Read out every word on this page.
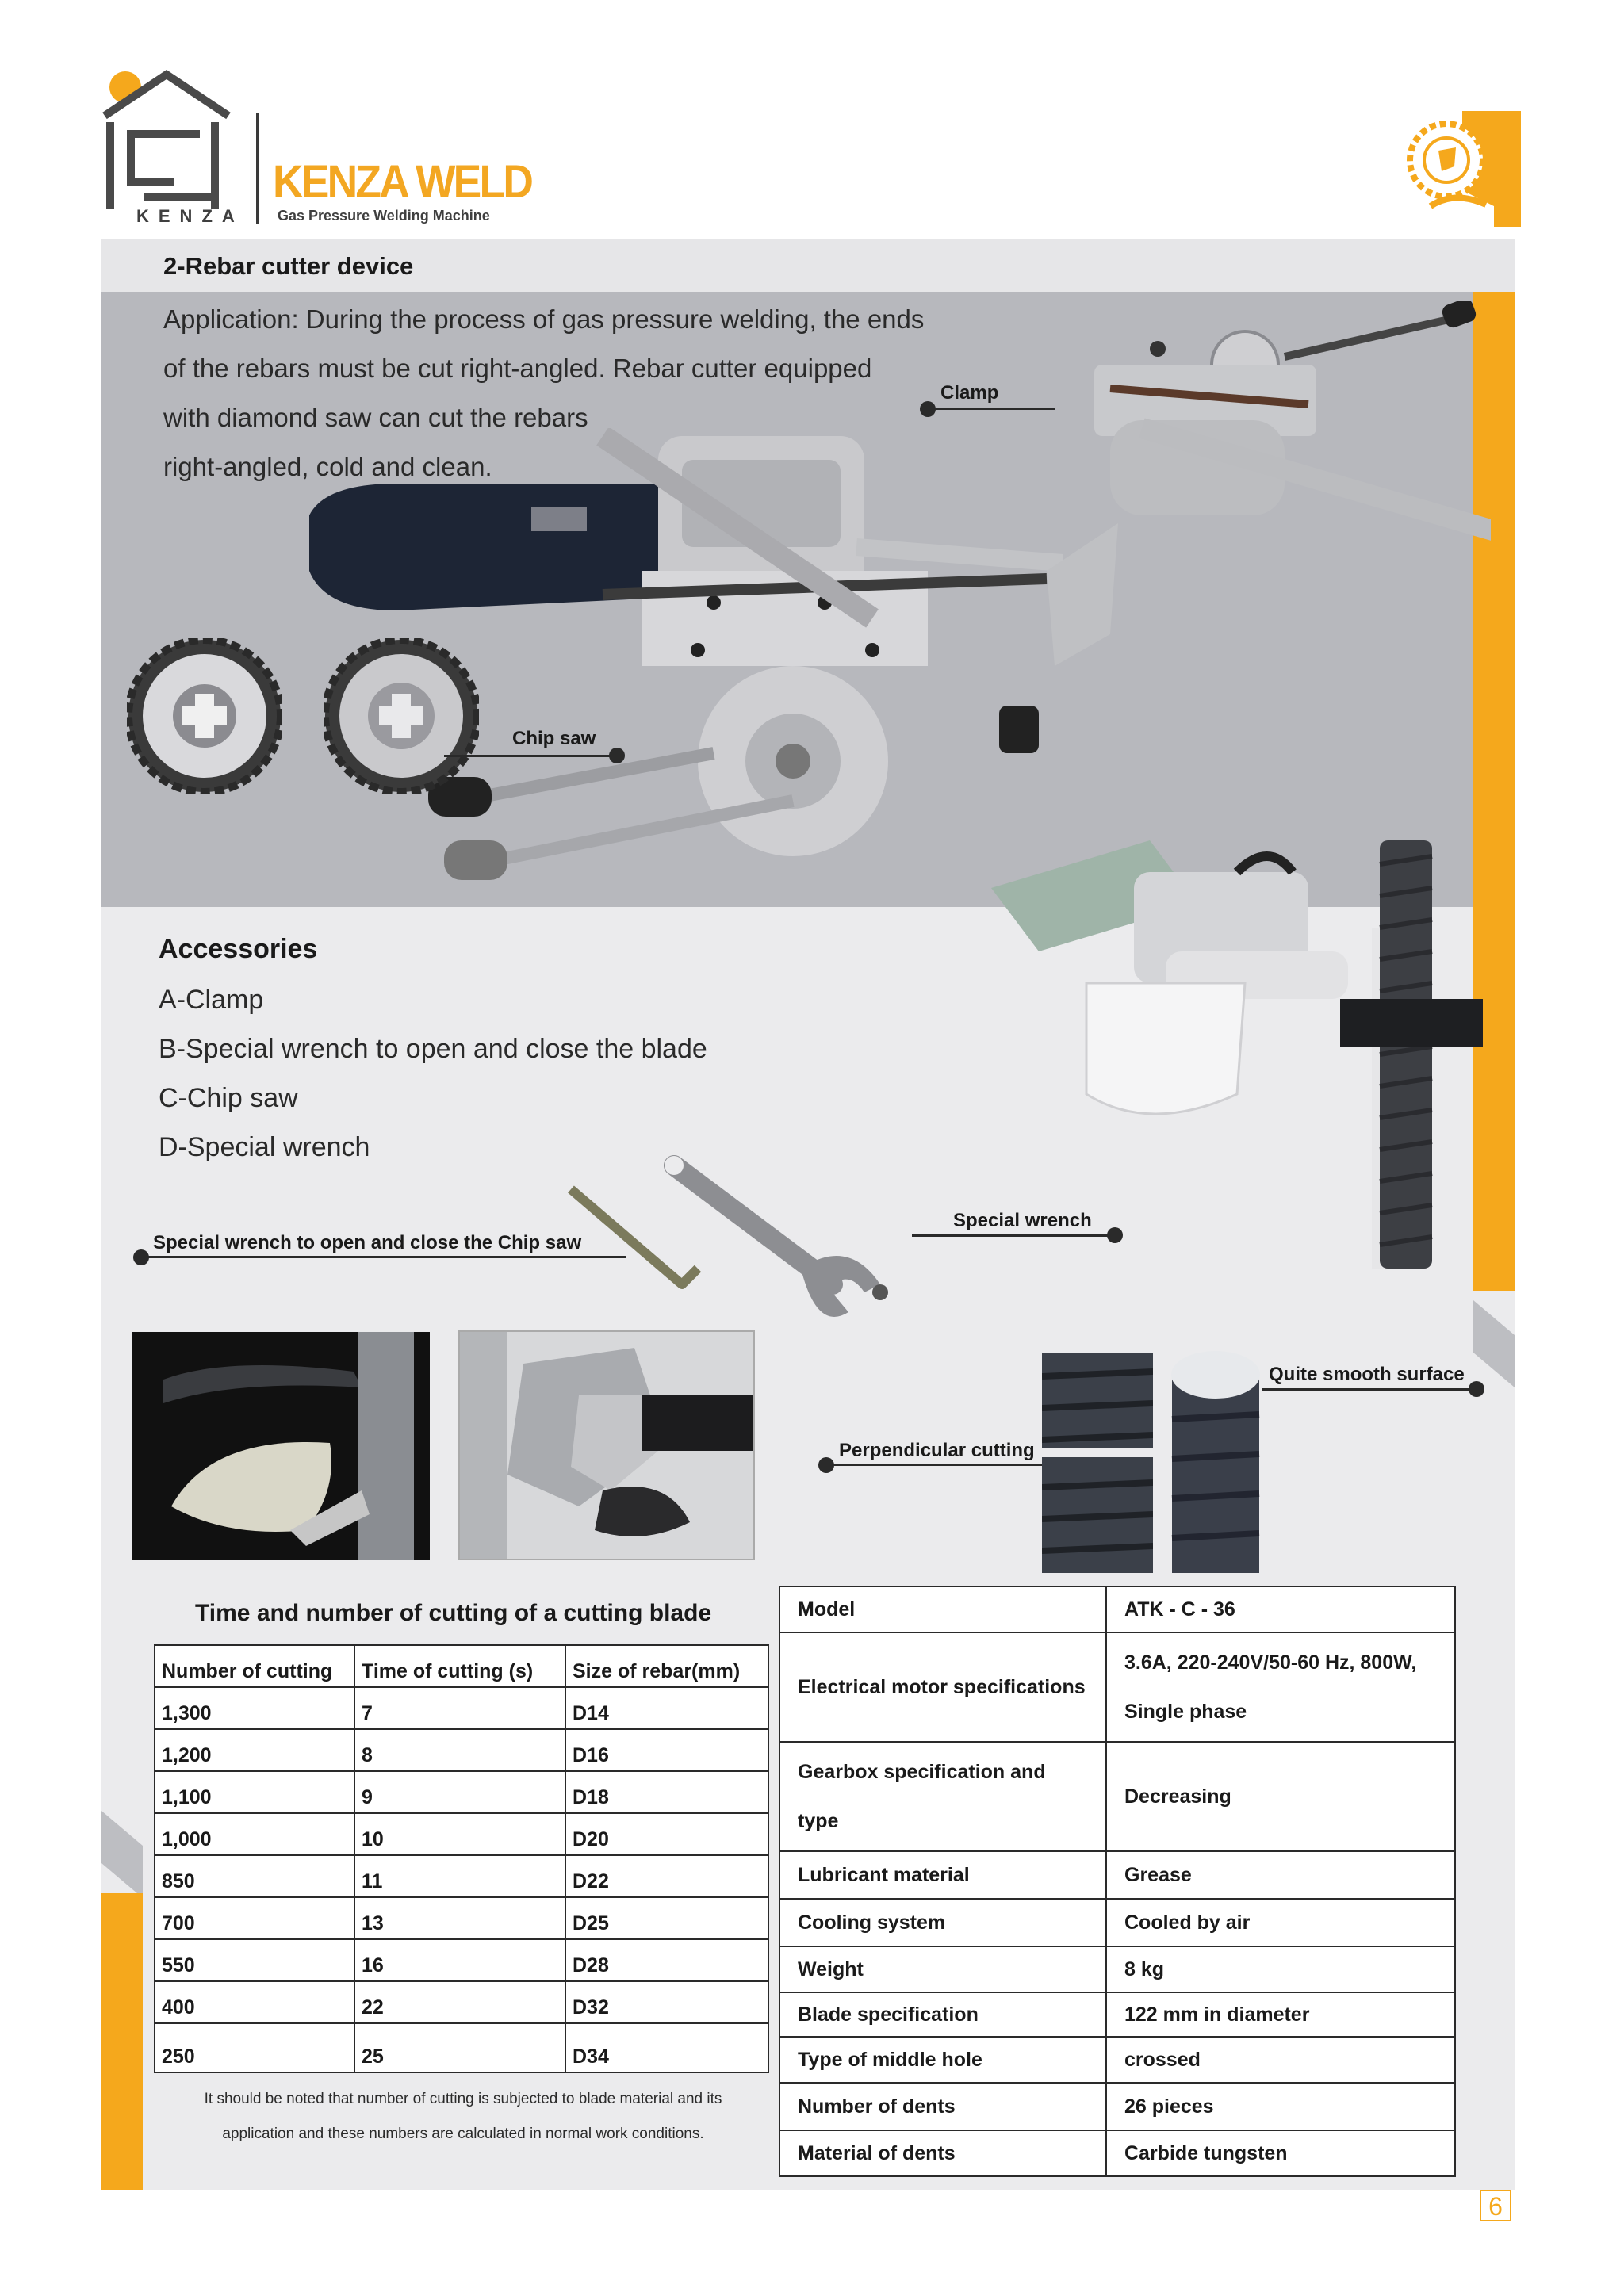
KENZA
KENZA WELD
Gas Pressure Welding Machine
2-Rebar cutter device
Application: During the process of gas pressure welding, the ends
of the rebars must be cut right-angled. Rebar cutter equipped
with diamond saw can cut the rebars
right-angled, cold and clean.
Accessories
A-Clamp
B-Special wrench to open and close the blade
C-Chip saw
D-Special wrench
Clamp
Chip saw
Special wrench
Special wrench to open and close the Chip saw
Quite smooth surface
Perpendicular cutting
Time and number of cutting of a cutting blade
Number of cutting	Time of cutting (s)	Size of rebar(mm)
1,300	7	D14
1,200	8	D16
1,100	9	D18
1,000	10	D20
850	11	D22
700	13	D25
550	16	D28
400	22	D32
250	25	D34
It should be noted that number of cutting is subjected to blade material and its
application and these numbers are calculated in normal work conditions.
Model	ATK - C - 36
Electrical motor specifications	3.6A, 220-240V/50-60 Hz, 800W,
Single phase

Gearbox specification and
type	Decreasing
Lubricant material	Grease
Cooling system	Cooled by air
Weight	8 kg
Blade specification	122 mm in diameter
Type of middle hole	crossed
Number of dents	26 pieces
Material of dents	Carbide tungsten
6
